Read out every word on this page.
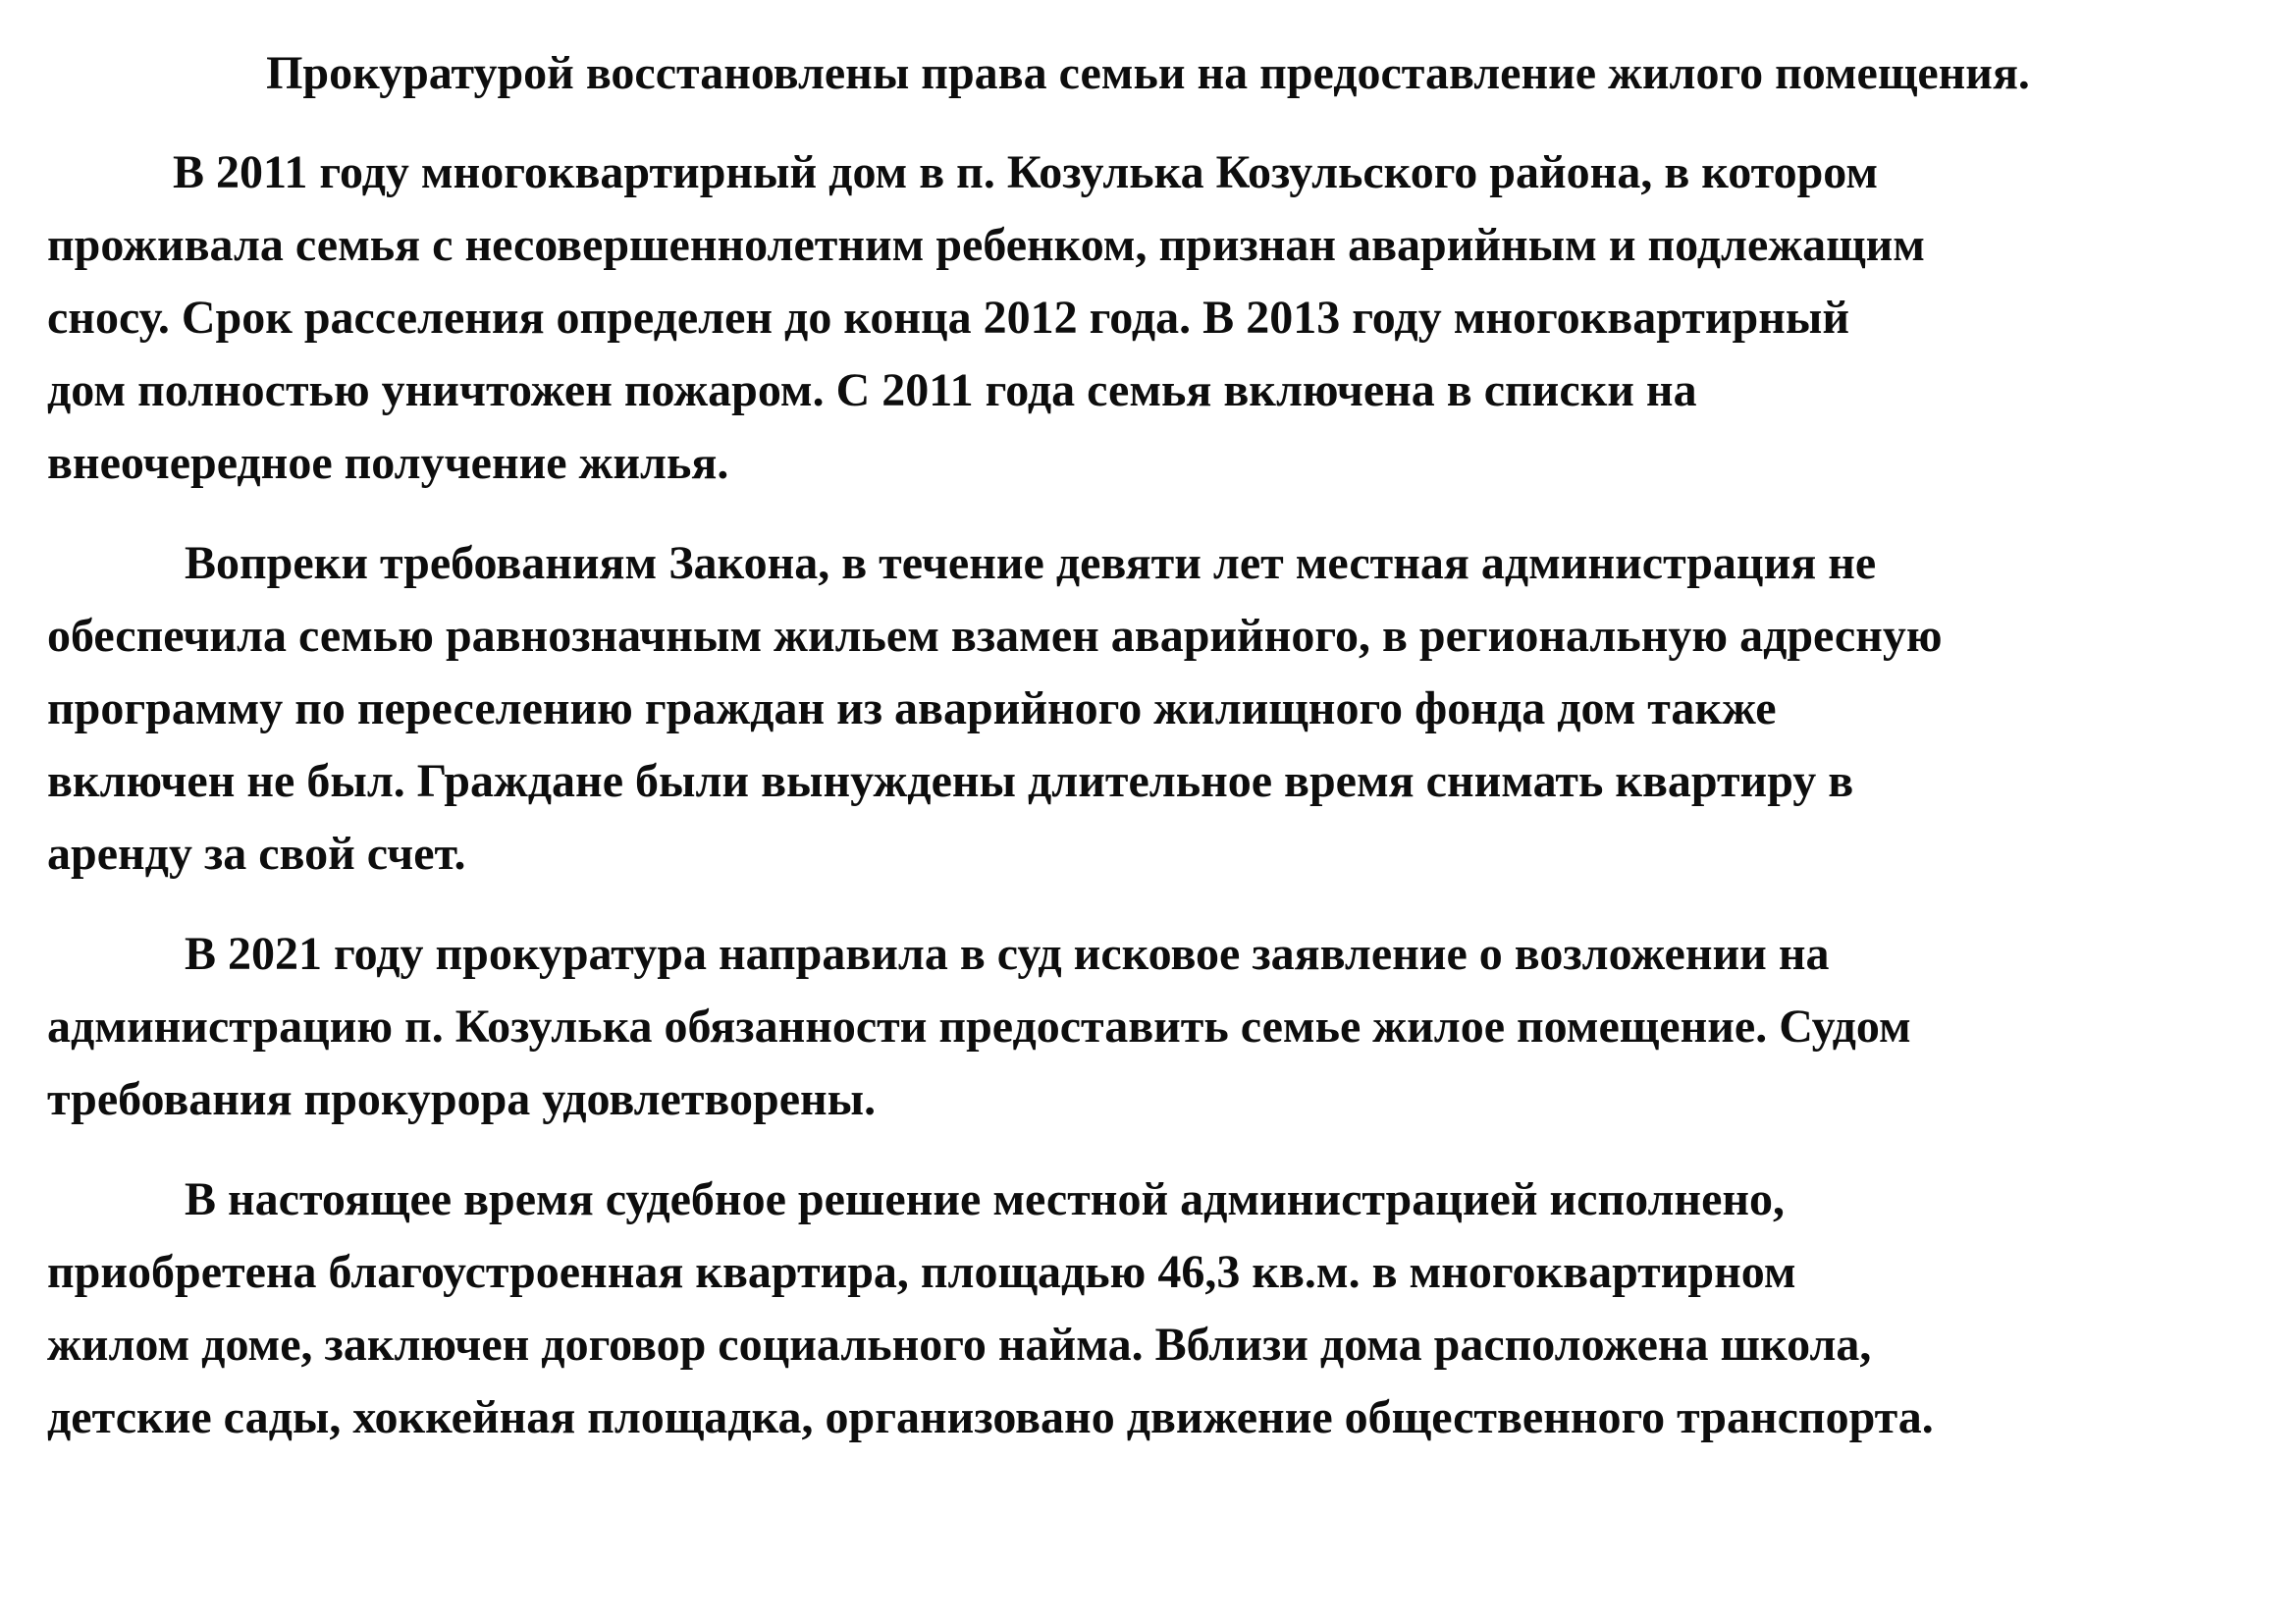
Прокуратурой восстановлены права семьи на предоставление жилого помещения.

В 2011 году многоквартирный дом в п. Козулька Козульского района, в котором
проживала семья с несовершеннолетним ребенком, признан аварийным и подлежащим
сносу. Срок расселения определен до конца 2012 года. В 2013 году многоквартирный
дом полностью уничтожен пожаром. С 2011 года семья включена в списки на
внеочередное получение жилья.

Вопреки требованиям Закона, в течение девяти лет местная администрация не
обеспечила семью равнозначным жильем взамен аварийного, в региональную адресную
программу по переселению граждан из аварийного жилищного фонда дом также
включен не был. Граждане были вынуждены длительное время снимать квартиру в
аренду за свой счет.

В 2021 году прокуратура направила в суд исковое заявление о возложении на
администрацию п. Козулька обязанности предоставить семье жилое помещение. Судом
требования прокурора удовлетворены.

В настоящее время судебное решение местной администрацией исполнено,
приобретена благоустроенная квартира, площадью 46,3 кв.м. в многоквартирном
жилом доме, заключен договор социального найма. Вблизи дома расположена школа,
детские сады, хоккейная площадка, организовано движение общественного транспорта.
